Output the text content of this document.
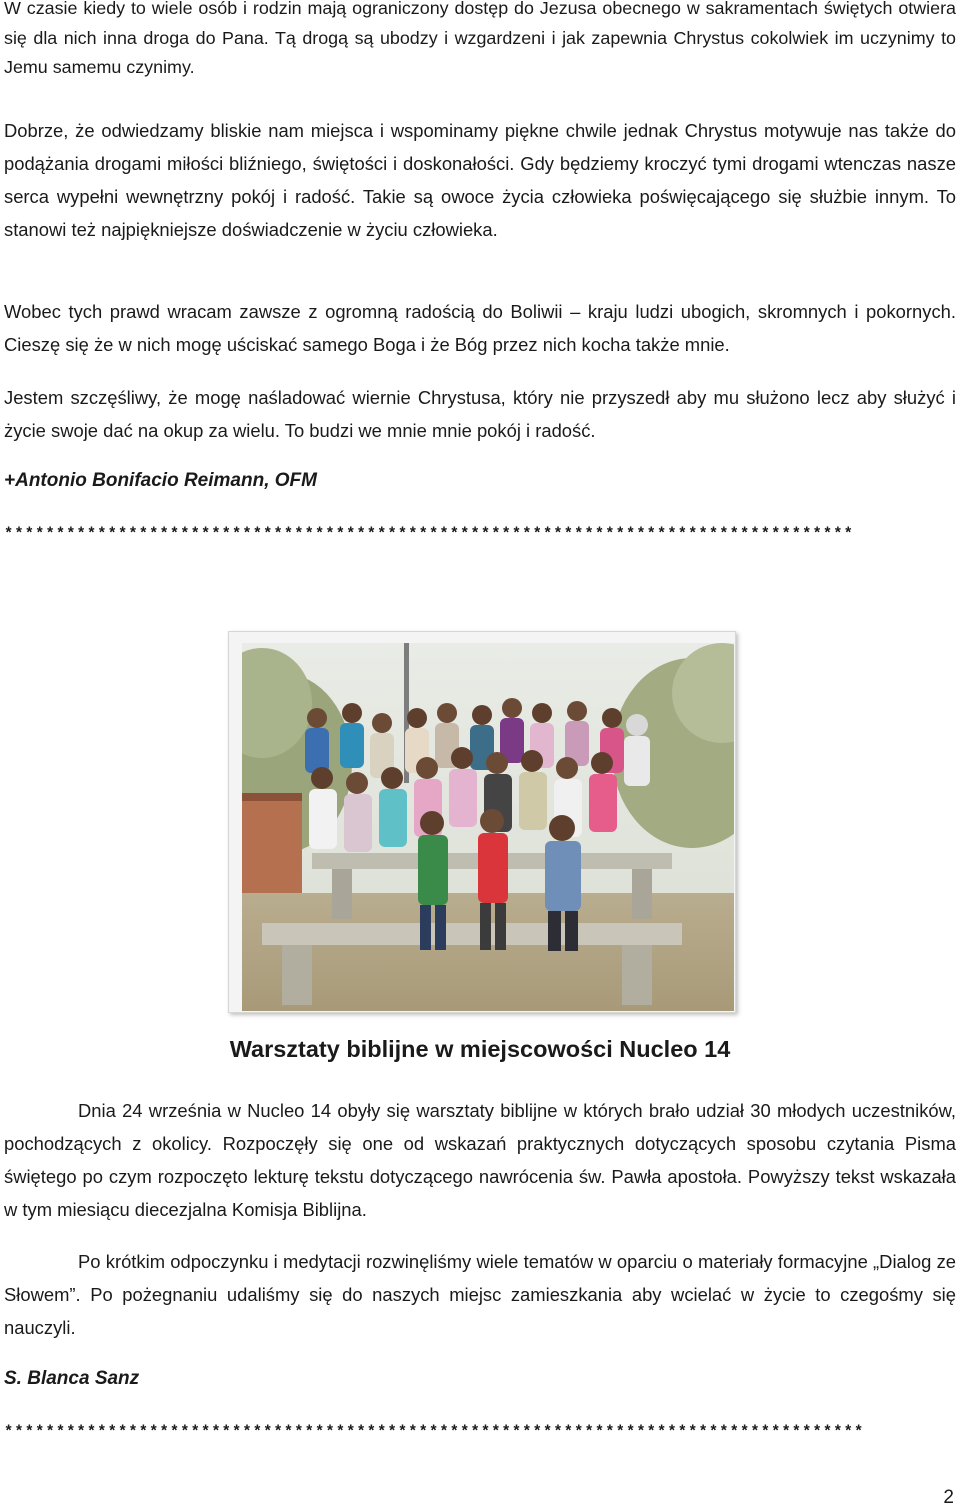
W czasie kiedy to wiele osób i rodzin mają ograniczony dostęp do Jezusa obecnego w sakramentach świętych otwiera się dla nich inna droga do Pana. Tą drogą są ubodzy i wzgardzeni i jak zapewnia Chrystus cokolwiek im uczynimy to Jemu samemu czynimy.

Dobrze, że odwiedzamy bliskie nam miejsca i wspominamy piękne chwile jednak Chrystus motywuje nas także do podążania drogami miłości bliźniego, świętości i doskonałości. Gdy będziemy kroczyć tymi drogami wtenczas nasze serca wypełni wewnętrzny pokój i radość. Takie są owoce życia człowieka poświęcającego się służbie innym. To stanowi też najpiękniejsze doświadczenie w życiu człowieka.

Wobec tych prawd wracam zawsze z ogromną radością do Boliwii – kraju ludzi ubogich, skromnych i pokornych. Cieszę się że w nich mogę uściskać samego Boga i że Bóg przez nich kocha także mnie.

Jestem szczęśliwy, że mogę naśladować wiernie Chrystusa, który nie przyszedł aby mu służono lecz aby służyć i życie swoje dać na okup za wielu. To budzi we mnie mnie pokój i radość.

+Antonio Bonifacio Reimann, OFM

**********************************************************************************

Warsztaty biblijne w miejscowości Nucleo 14

Dnia 24 września w Nucleo 14 obyły się warsztaty biblijne w których brało udział 30 młodych uczestników, pochodzących z okolicy. Rozpoczęły się one od wskazań praktycznych dotyczących sposobu czytania Pisma świętego po czym rozpoczęto lekturę tekstu dotyczącego nawrócenia św. Pawła apostoła. Powyższy tekst wskazała w tym miesiącu diecezjalna Komisja Biblijna.

Po krótkim odpoczynku i medytacji rozwinęliśmy wiele tematów w oparciu o materiały formacyjne „Dialog ze Słowem”. Po pożegnaniu udaliśmy się do naszych miejsc zamieszkania aby wcielać w życie to czegośmy się nauczyli.

S. Blanca Sanz

***********************************************************************************

2
